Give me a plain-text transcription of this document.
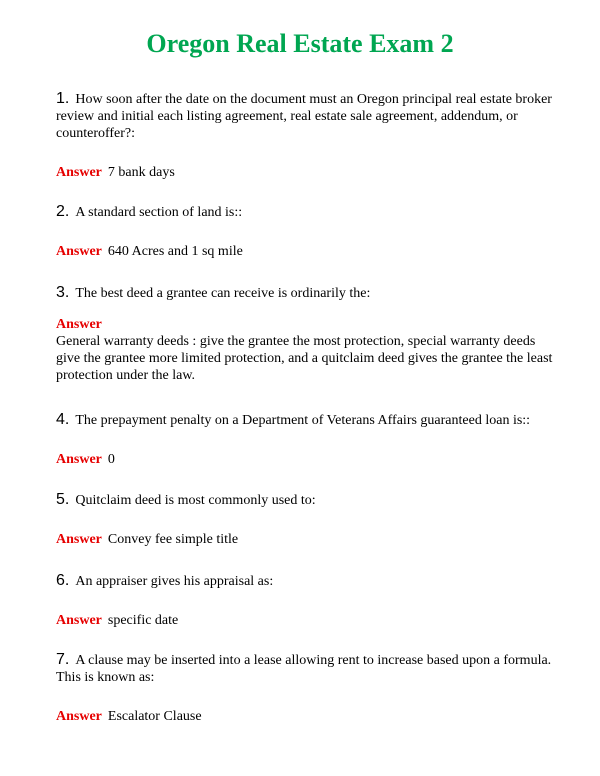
Oregon Real Estate Exam 2

1. How soon after the date on the document must an Oregon principal real estate broker review and initial each listing agreement, real estate sale agreement, addendum, or counteroffer?:

Answer 7 bank days

2. A standard section of land is::

Answer 640 Acres and 1 sq mile

3. The best deed a grantee can receive is ordinarily the:

Answer
General warranty deeds : give the grantee the most protection, special warranty deeds give the grantee more limited protection, and a quitclaim deed gives the grantee the least protection under the law.

4. The prepayment penalty on a Department of Veterans Affairs guaranteed loan is::

Answer 0

5. Quitclaim deed is most commonly used to:

Answer Convey fee simple title

6. An appraiser gives his appraisal as:

Answer specific date

7. A clause may be inserted into a lease allowing rent to increase based upon a formula. This is known as:

Answer Escalator Clause
